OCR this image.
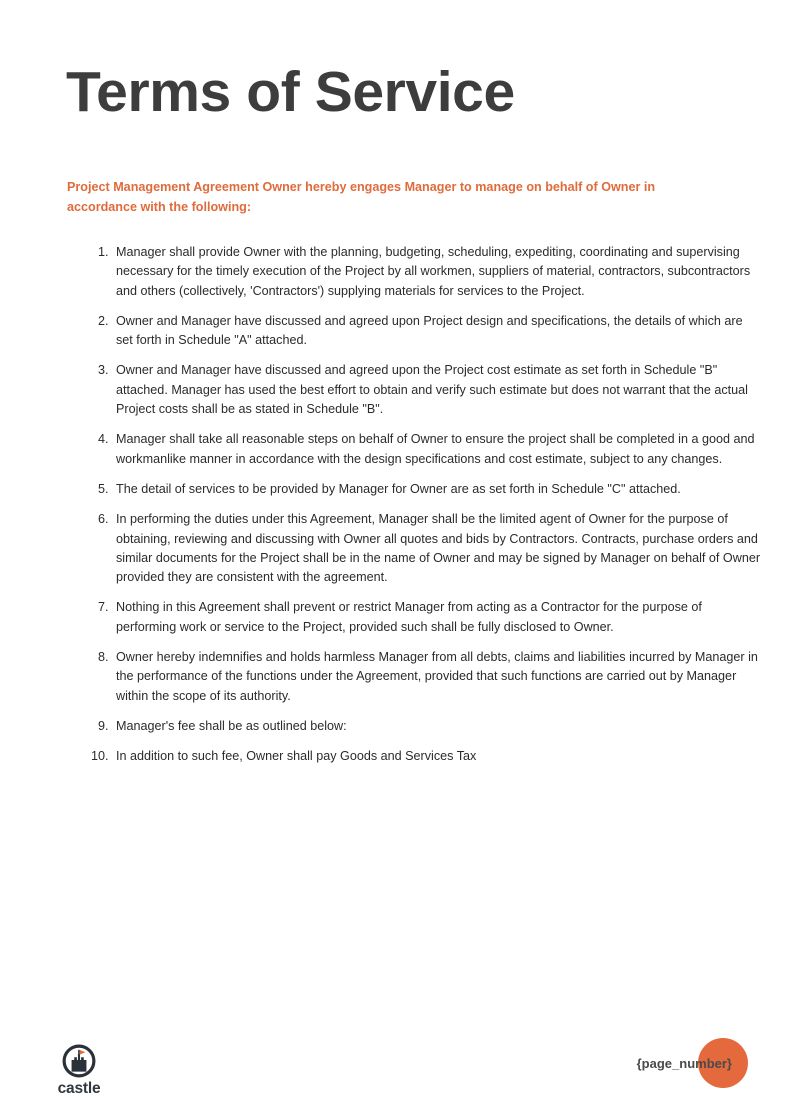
Terms of Service

Project Management Agreement Owner hereby engages Manager to manage on behalf of Owner in accordance with the following:

1. Manager shall provide Owner with the planning, budgeting, scheduling, expediting, coordinating and supervising necessary for the timely execution of the Project by all workmen, suppliers of material, contractors, subcontractors and others (collectively, 'Contractors') supplying materials for services to the Project.
2. Owner and Manager have discussed and agreed upon Project design and specifications, the details of which are set forth in Schedule "A" attached.
3. Owner and Manager have discussed and agreed upon the Project cost estimate as set forth in Schedule "B" attached. Manager has used the best effort to obtain and verify such estimate but does not warrant that the actual Project costs shall be as stated in Schedule "B".
4. Manager shall take all reasonable steps on behalf of Owner to ensure the project shall be completed in a good and workmanlike manner in accordance with the design specifications and cost estimate, subject to any changes.
5. The detail of services to be provided by Manager for Owner are as set forth in Schedule "C" attached.
6. In performing the duties under this Agreement, Manager shall be the limited agent of Owner for the purpose of obtaining, reviewing and discussing with Owner all quotes and bids by Contractors. Contracts, purchase orders and similar documents for the Project shall be in the name of Owner and may be signed by Manager on behalf of Owner provided they are consistent with the agreement.
7. Nothing in this Agreement shall prevent or restrict Manager from acting as a Contractor for the purpose of performing work or service to the Project, provided such shall be fully disclosed to Owner.
8. Owner hereby indemnifies and holds harmless Manager from all debts, claims and liabilities incurred by Manager in the performance of the functions under the Agreement, provided that such functions are carried out by Manager within the scope of its authority.
9. Manager's fee shall be as outlined below:
10. In addition to such fee, Owner shall pay Goods and Services Tax
castle
{page_number}
